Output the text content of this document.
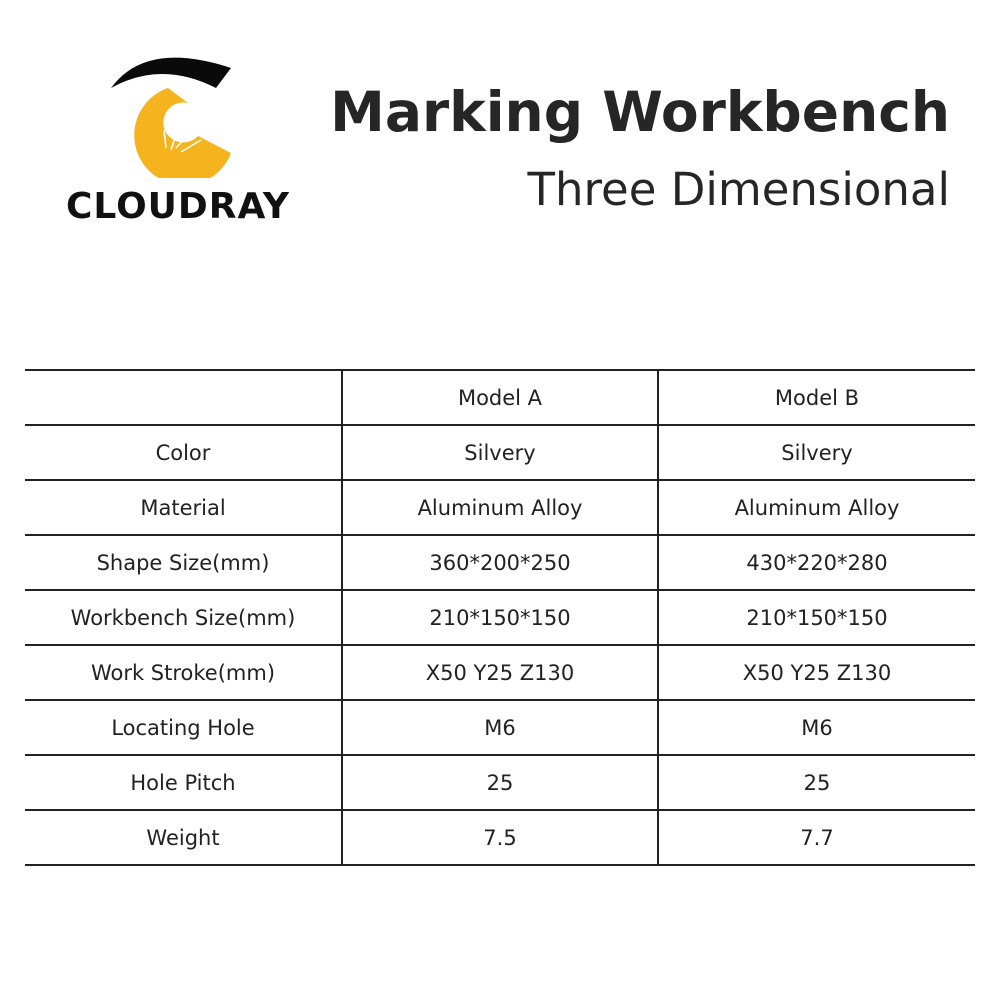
CLOUDRAY
Marking Workbench
Three Dimensional
	Model A	Model B
Color	Silvery	Silvery
Material	Aluminum Alloy	Aluminum Alloy
Shape Size(mm)	360*200*250	430*220*280
Workbench Size(mm)	210*150*150	210*150*150
Work Stroke(mm)	X50 Y25 Z130	X50 Y25 Z130
Locating Hole	M6	M6
Hole Pitch	25	25
Weight	7.5	7.7
